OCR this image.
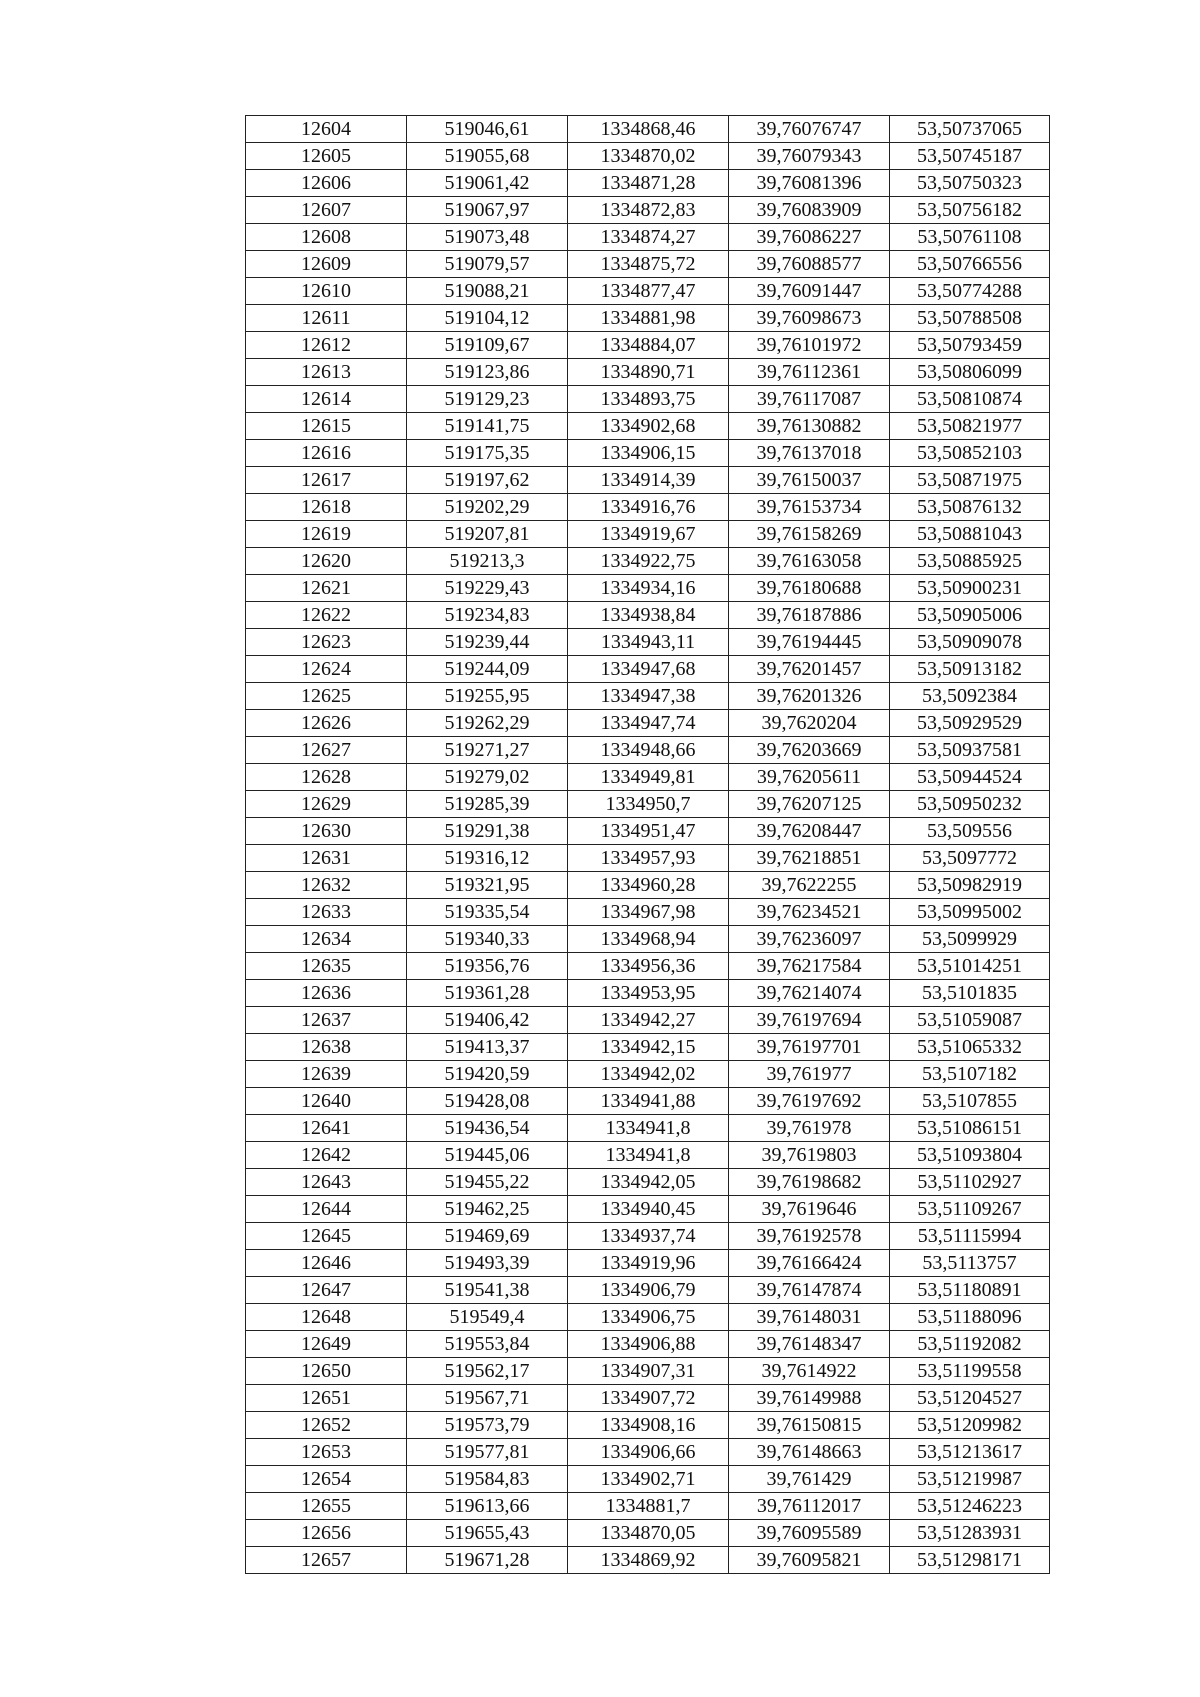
12604	519046,61	1334868,46	39,76076747	53,50737065
12605	519055,68	1334870,02	39,76079343	53,50745187
12606	519061,42	1334871,28	39,76081396	53,50750323
12607	519067,97	1334872,83	39,76083909	53,50756182
12608	519073,48	1334874,27	39,76086227	53,50761108
12609	519079,57	1334875,72	39,76088577	53,50766556
12610	519088,21	1334877,47	39,76091447	53,50774288
12611	519104,12	1334881,98	39,76098673	53,50788508
12612	519109,67	1334884,07	39,76101972	53,50793459
12613	519123,86	1334890,71	39,76112361	53,50806099
12614	519129,23	1334893,75	39,76117087	53,50810874
12615	519141,75	1334902,68	39,76130882	53,50821977
12616	519175,35	1334906,15	39,76137018	53,50852103
12617	519197,62	1334914,39	39,76150037	53,50871975
12618	519202,29	1334916,76	39,76153734	53,50876132
12619	519207,81	1334919,67	39,76158269	53,50881043
12620	519213,3	1334922,75	39,76163058	53,50885925
12621	519229,43	1334934,16	39,76180688	53,50900231
12622	519234,83	1334938,84	39,76187886	53,50905006
12623	519239,44	1334943,11	39,76194445	53,50909078
12624	519244,09	1334947,68	39,76201457	53,50913182
12625	519255,95	1334947,38	39,76201326	53,5092384
12626	519262,29	1334947,74	39,7620204	53,50929529
12627	519271,27	1334948,66	39,76203669	53,50937581
12628	519279,02	1334949,81	39,76205611	53,50944524
12629	519285,39	1334950,7	39,76207125	53,50950232
12630	519291,38	1334951,47	39,76208447	53,509556
12631	519316,12	1334957,93	39,76218851	53,5097772
12632	519321,95	1334960,28	39,7622255	53,50982919
12633	519335,54	1334967,98	39,76234521	53,50995002
12634	519340,33	1334968,94	39,76236097	53,5099929
12635	519356,76	1334956,36	39,76217584	53,51014251
12636	519361,28	1334953,95	39,76214074	53,5101835
12637	519406,42	1334942,27	39,76197694	53,51059087
12638	519413,37	1334942,15	39,76197701	53,51065332
12639	519420,59	1334942,02	39,761977	53,5107182
12640	519428,08	1334941,88	39,76197692	53,5107855
12641	519436,54	1334941,8	39,761978	53,51086151
12642	519445,06	1334941,8	39,7619803	53,51093804
12643	519455,22	1334942,05	39,76198682	53,51102927
12644	519462,25	1334940,45	39,7619646	53,51109267
12645	519469,69	1334937,74	39,76192578	53,51115994
12646	519493,39	1334919,96	39,76166424	53,5113757
12647	519541,38	1334906,79	39,76147874	53,51180891
12648	519549,4	1334906,75	39,76148031	53,51188096
12649	519553,84	1334906,88	39,76148347	53,51192082
12650	519562,17	1334907,31	39,7614922	53,51199558
12651	519567,71	1334907,72	39,76149988	53,51204527
12652	519573,79	1334908,16	39,76150815	53,51209982
12653	519577,81	1334906,66	39,76148663	53,51213617
12654	519584,83	1334902,71	39,761429	53,51219987
12655	519613,66	1334881,7	39,76112017	53,51246223
12656	519655,43	1334870,05	39,76095589	53,51283931
12657	519671,28	1334869,92	39,76095821	53,51298171
